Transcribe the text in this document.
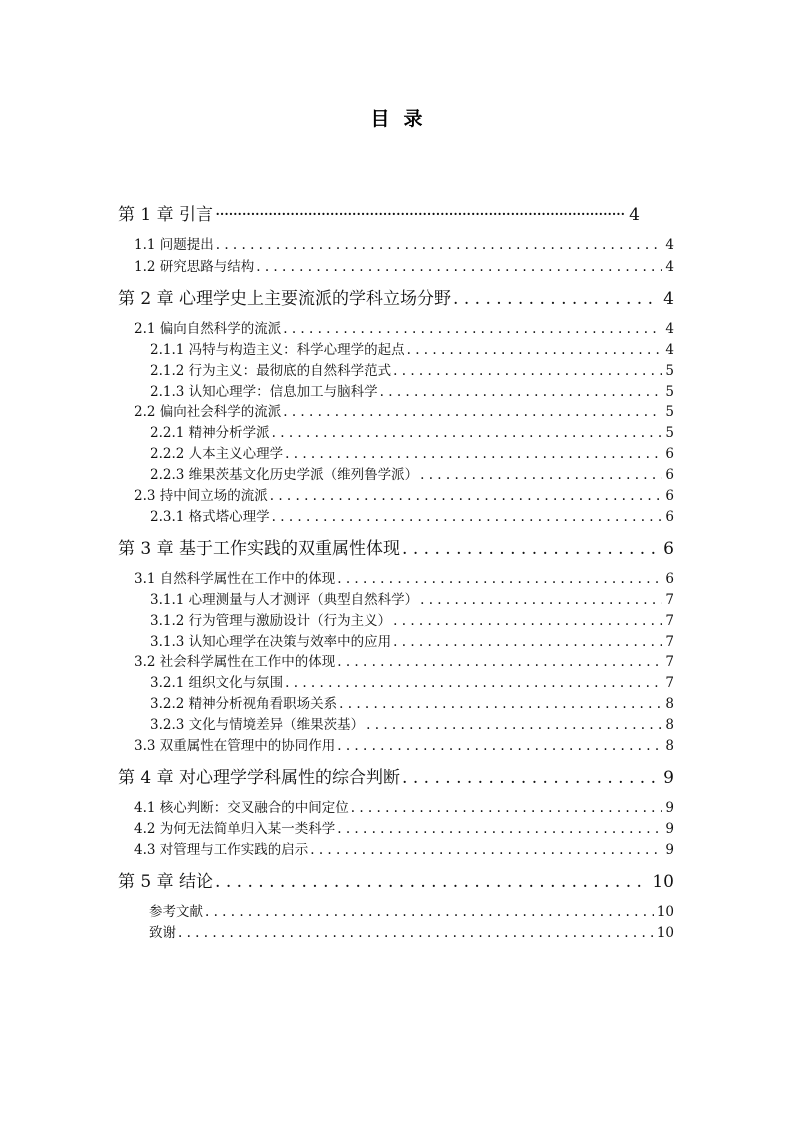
目录
第 1 章 引言 ·····	4
1.1 问题提出 . . .	4
1.2 研究思路与结构 . . .	4
第 2 章 心理学史上主要流派的学科立场分野 . . .	4
2.1 偏向自然科学的流派 . . .	4
2.1.1 冯特与构造主义：科学心理学的起点 . . .	4
2.1.2 行为主义：最彻底的自然科学范式 . . .	5
2.1.3 认知心理学：信息加工与脑科学 . . .	5
2.2 偏向社会科学的流派 . . .	5
2.2.1 精神分析学派 . . .	5
2.2.2 人本主义心理学 . . .	6
2.2.3 维果茨基文化历史学派（维列鲁学派） . . .	6
2.3 持中间立场的流派 . . .	6
2.3.1 格式塔心理学 . . .	6
第 3 章 基于工作实践的双重属性体现 . . .	6
3.1 自然科学属性在工作中的体现 . . .	6
3.1.1 心理测量与人才测评（典型自然科学） . . .	7
3.1.2 行为管理与激励设计（行为主义） . . .	7
3.1.3 认知心理学在决策与效率中的应用 . . .	7
3.2 社会科学属性在工作中的体现 . . .	7
3.2.1 组织文化与氛围 . . .	7
3.2.2 精神分析视角看职场关系 . . .	8
3.2.3 文化与情境差异（维果茨基） . . .	8
3.3 双重属性在管理中的协同作用 . . .	8
第 4 章 对心理学学科属性的综合判断 . . .	9
4.1 核心判断：交叉融合的中间定位 . . .	9
4.2 为何无法简单归入某一类科学 . . .	9
4.3 对管理与工作实践的启示 . . .	9
第 5 章 结论 . . .	10
参考文献 . . .	10
致谢 . . .	10
